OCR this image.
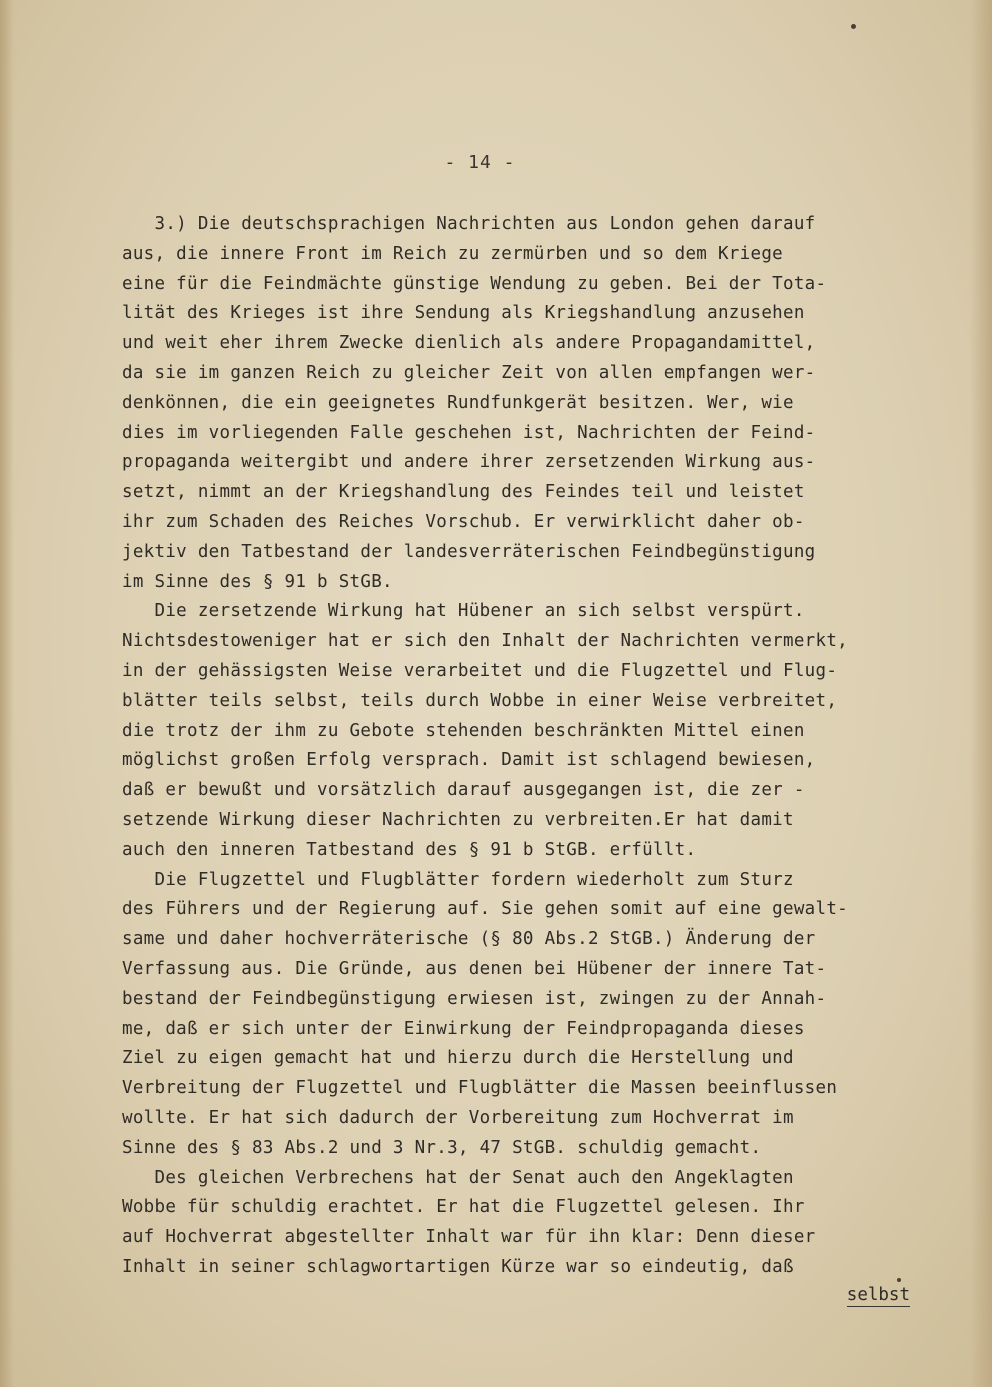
- 14 -
3.) Die deutschsprachigen Nachrichten aus London gehen darauf
aus, die innere Front im Reich zu zermürben und so dem Kriege
eine für die Feindmächte günstige Wendung zu geben. Bei der Tota-
lität des Krieges ist ihre Sendung als Kriegshandlung anzusehen
und weit eher ihrem Zwecke dienlich als andere Propagandamittel,
da sie im ganzen Reich zu gleicher Zeit von allen empfangen wer-
denkönnen, die ein geeignetes Rundfunkgerät besitzen. Wer, wie
dies im vorliegenden Falle geschehen ist, Nachrichten der Feind-
propaganda weitergibt und andere ihrer zersetzenden Wirkung aus-
setzt, nimmt an der Kriegshandlung des Feindes teil und leistet
ihr zum Schaden des Reiches Vorschub. Er verwirklicht daher ob-
jektiv den Tatbestand der landesverräterischen Feindbegünstigung
im Sinne des § 91 b StGB.
Die zersetzende Wirkung hat Hübener an sich selbst verspürt.
Nichtsdestoweniger hat er sich den Inhalt der Nachrichten vermerkt,
in der gehässigsten Weise verarbeitet und die Flugzettel und Flug-
blätter teils selbst, teils durch Wobbe in einer Weise verbreitet,
die trotz der ihm zu Gebote stehenden beschränkten Mittel einen
möglichst großen Erfolg versprach. Damit ist schlagend bewiesen,
daß er bewußt und vorsätzlich darauf ausgegangen ist, die zer -
setzende Wirkung dieser Nachrichten zu verbreiten.Er hat damit
auch den inneren Tatbestand des § 91 b StGB. erfüllt.
Die Flugzettel und Flugblätter fordern wiederholt zum Sturz
des Führers und der Regierung auf. Sie gehen somit auf eine gewalt-
same und daher hochverräterische (§ 80 Abs.2 StGB.) Änderung der
Verfassung aus. Die Gründe, aus denen bei Hübener der innere Tat-
bestand der Feindbegünstigung erwiesen ist, zwingen zu der Annah-
me, daß er sich unter der Einwirkung der Feindpropaganda dieses
Ziel zu eigen gemacht hat und hierzu durch die Herstellung und
Verbreitung der Flugzettel und Flugblätter die Massen beeinflussen
wollte. Er hat sich dadurch der Vorbereitung zum Hochverrat im
Sinne des § 83 Abs.2 und 3 Nr.3, 47 StGB. schuldig gemacht.
Des gleichen Verbrechens hat der Senat auch den Angeklagten
Wobbe für schuldig erachtet. Er hat die Flugzettel gelesen. Ihr
auf Hochverrat abgestellter Inhalt war für ihn klar: Denn dieser
Inhalt in seiner schlagwortartigen Kürze war so eindeutig, daß
selbst
